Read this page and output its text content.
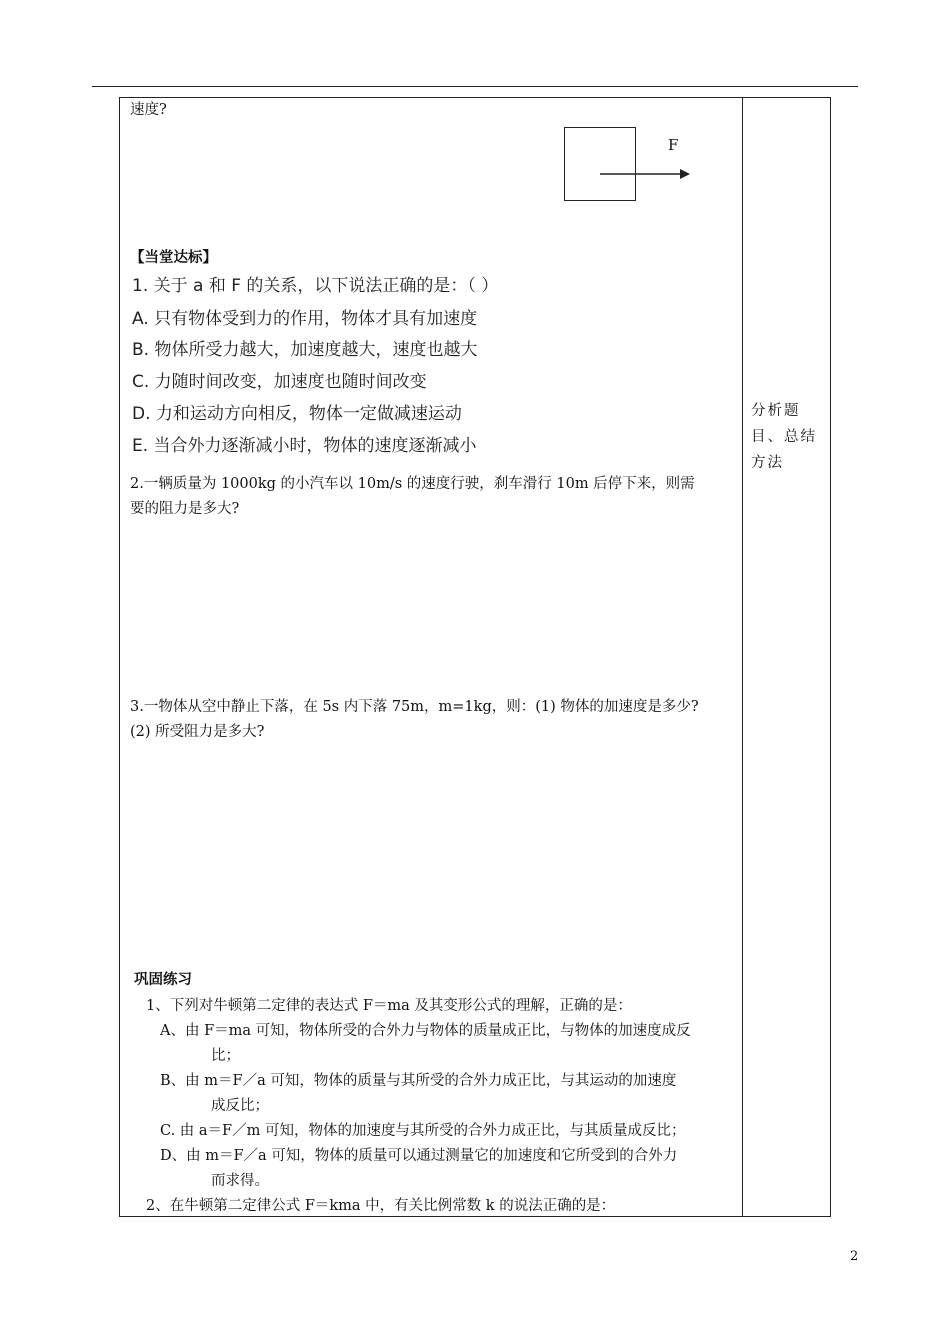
速度?
F
【当堂达标】
1. 关于 a 和 F 的关系，以下说法正确的是：（ ）
A. 只有物体受到力的作用，物体才具有加速度
B. 物体所受力越大，加速度越大，速度也越大
C. 力随时间改变，加速度也随时间改变
D. 力和运动方向相反，物体一定做减速运动
E. 当合外力逐渐减小时，物体的速度逐渐减小
分析题目、总结方法
2.一辆质量为 1000kg 的小汽车以 10m/s 的速度行驶，刹车滑行 10m 后停下来，则需
要的阻力是多大?
3.一物体从空中静止下落，在 5s 内下落 75m，m=1kg，则：(1) 物体的加速度是多少?
(2) 所受阻力是多大?
巩固练习
1、下列对牛顿第二定律的表达式 F＝ma 及其变形公式的理解，正确的是：
A、由 F＝ma 可知，物体所受的合外力与物体的质量成正比，与物体的加速度成反
比；
B、由 m＝F／a 可知，物体的质量与其所受的合外力成正比，与其运动的加速度
成反比；
C. 由 a＝F／m 可知，物体的加速度与其所受的合外力成正比，与其质量成反比；
D、由 m＝F／a 可知，物体的质量可以通过测量它的加速度和它所受到的合外力
而求得。
2、在牛顿第二定律公式 F＝kma 中，有关比例常数 k 的说法正确的是：
2
